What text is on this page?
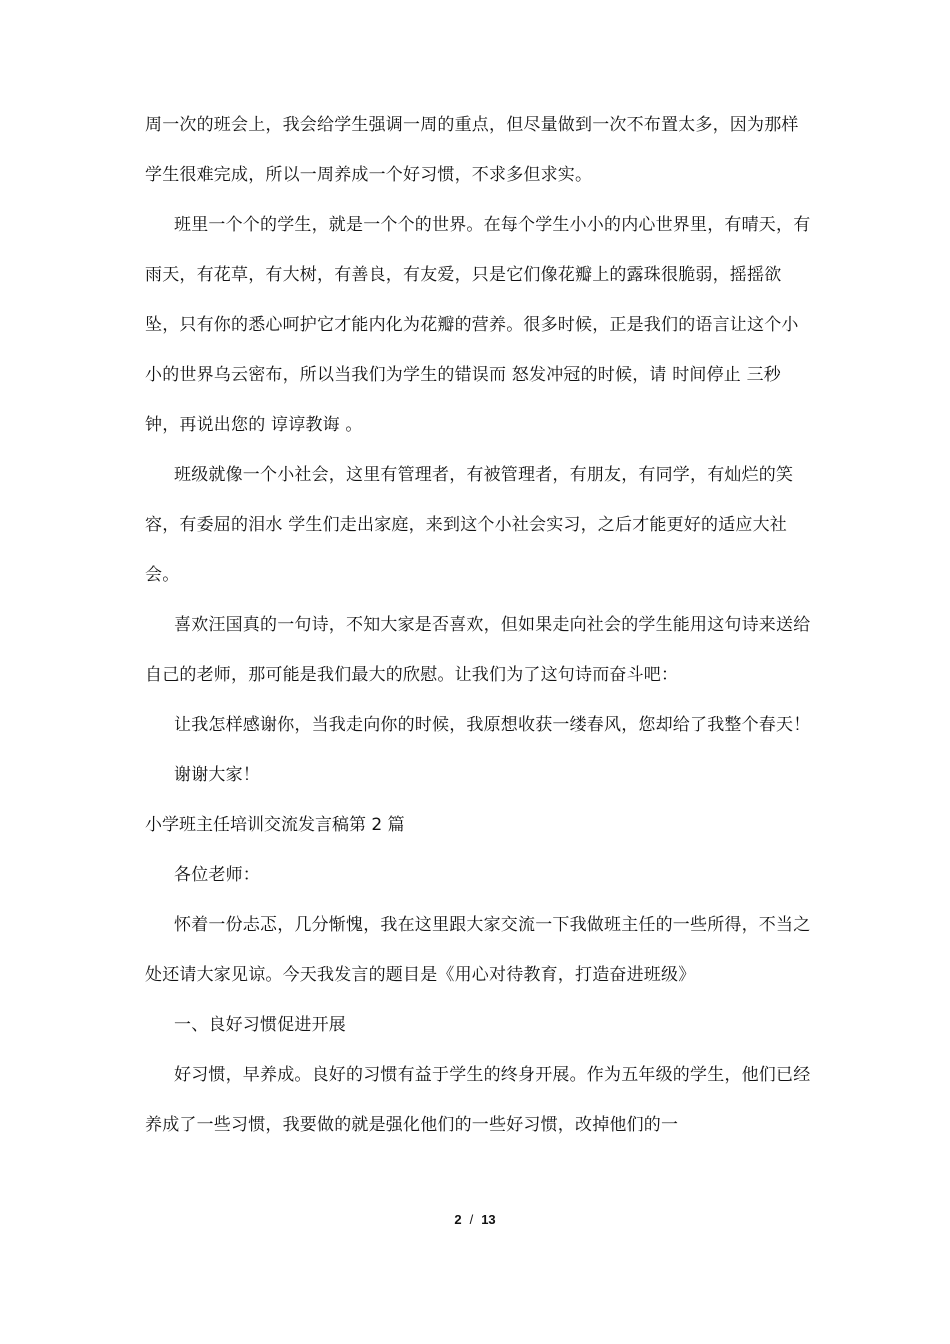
周一次的班会上，我会给学生强调一周的重点，但尽量做到一次不布置太多，因为那样学生很难完成，所以一周养成一个好习惯，不求多但求实。

班里一个个的学生，就是一个个的世界。在每个学生小小的内心世界里，有晴天，有雨天，有花草，有大树，有善良，有友爱，只是它们像花瓣上的露珠很脆弱，摇摇欲坠，只有你的悉心呵护它才能内化为花瓣的营养。很多时候，正是我们的语言让这个小小的世界乌云密布，所以当我们为学生的错误而 怒发冲冠的时候，请 时间停止 三秒钟，再说出您的 谆谆教诲 。

班级就像一个小社会，这里有管理者，有被管理者，有朋友，有同学，有灿烂的笑容，有委屈的泪水 学生们走出家庭，来到这个小社会实习，之后才能更好的适应大社会。

喜欢汪国真的一句诗，不知大家是否喜欢，但如果走向社会的学生能用这句诗来送给自己的老师，那可能是我们最大的欣慰。让我们为了这句诗而奋斗吧：

让我怎样感谢你，当我走向你的时候，我原想收获一缕春风，您却给了我整个春天！

谢谢大家！

小学班主任培训交流发言稿第 2 篇

各位老师：

怀着一份忐忑，几分惭愧，我在这里跟大家交流一下我做班主任的一些所得，不当之处还请大家见谅。今天我发言的题目是《用心对待教育，打造奋进班级》

一、良好习惯促进开展

好习惯，早养成。良好的习惯有益于学生的终身开展。作为五年级的学生，他们已经养成了一些习惯，我要做的就是强化他们的一些好习惯，改掉他们的一

2 / 13
